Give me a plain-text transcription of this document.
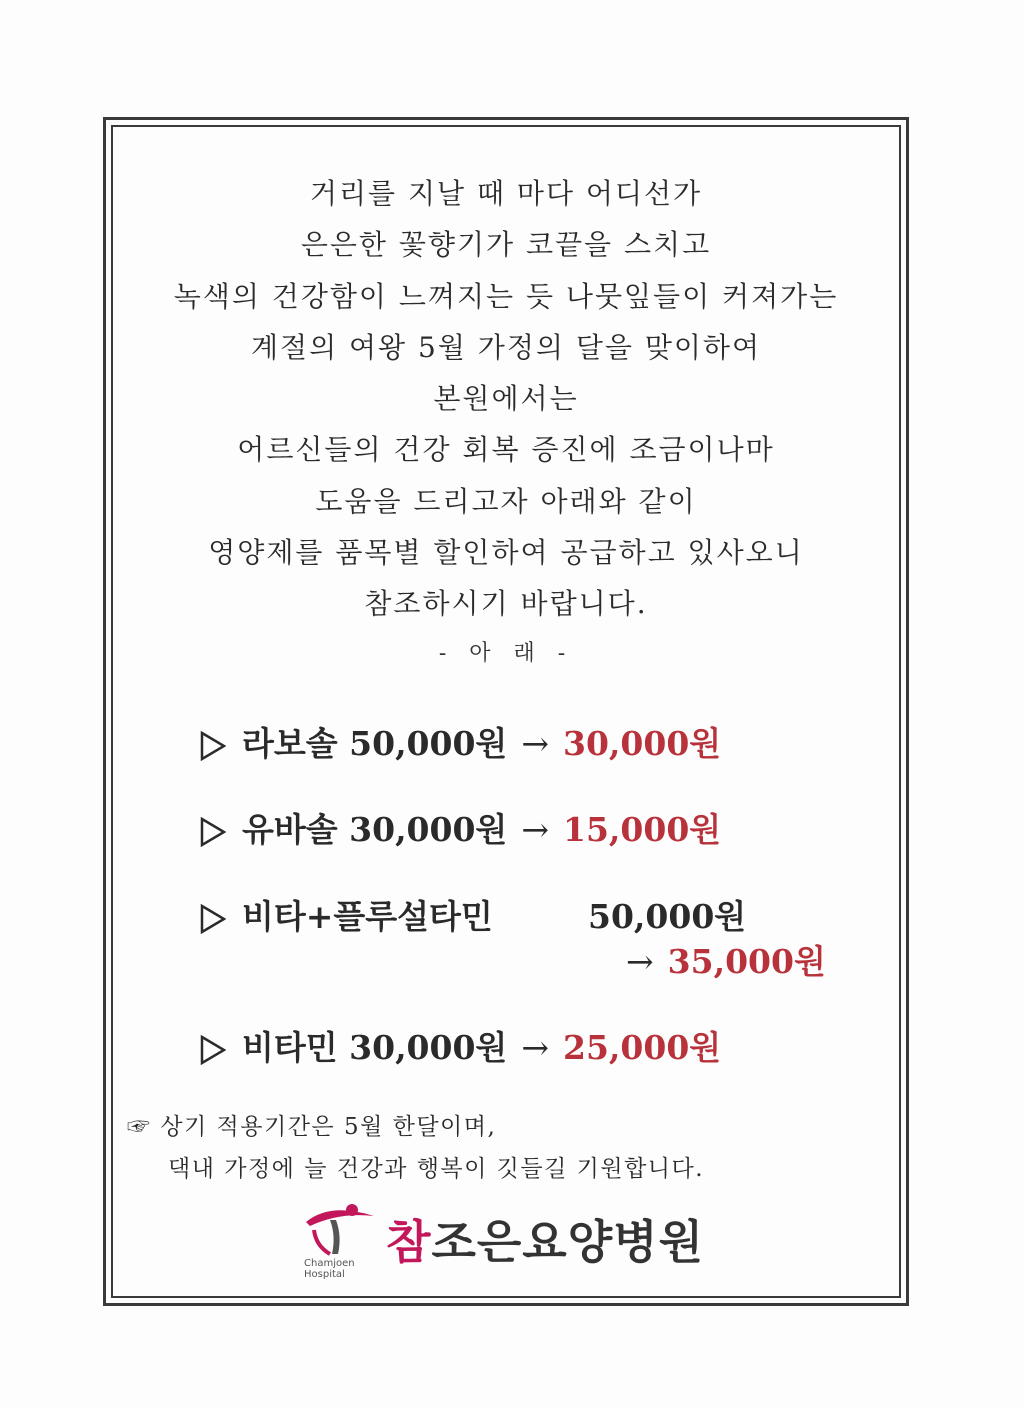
거리를 지날 때 마다 어디선가
은은한 꽃향기가 코끝을 스치고
녹색의 건강함이 느껴지는 듯 나뭇잎들이 커져가는
계절의 여왕 5월 가정의 달을 맞이하여
본원에서는
어르신들의 건강 회복 증진에 조금이나마
도움을 드리고자 아래와 같이
영양제를 품목별 할인하여 공급하고 있사오니
참조하시기 바랍니다.
- 아 래 -
라보솔 50,000원 → 30,000원
유바솔 30,000원 → 15,000원
비타+플루설타민	50,000원
→ 35,000원
비타민 30,000원 → 25,000원
☞ 상기 적용기간은 5월 한달이며,
댁내 가정에 늘 건강과 행복이 깃들길 기원합니다.
Chamjoen
Hospital
참조은요양병원
